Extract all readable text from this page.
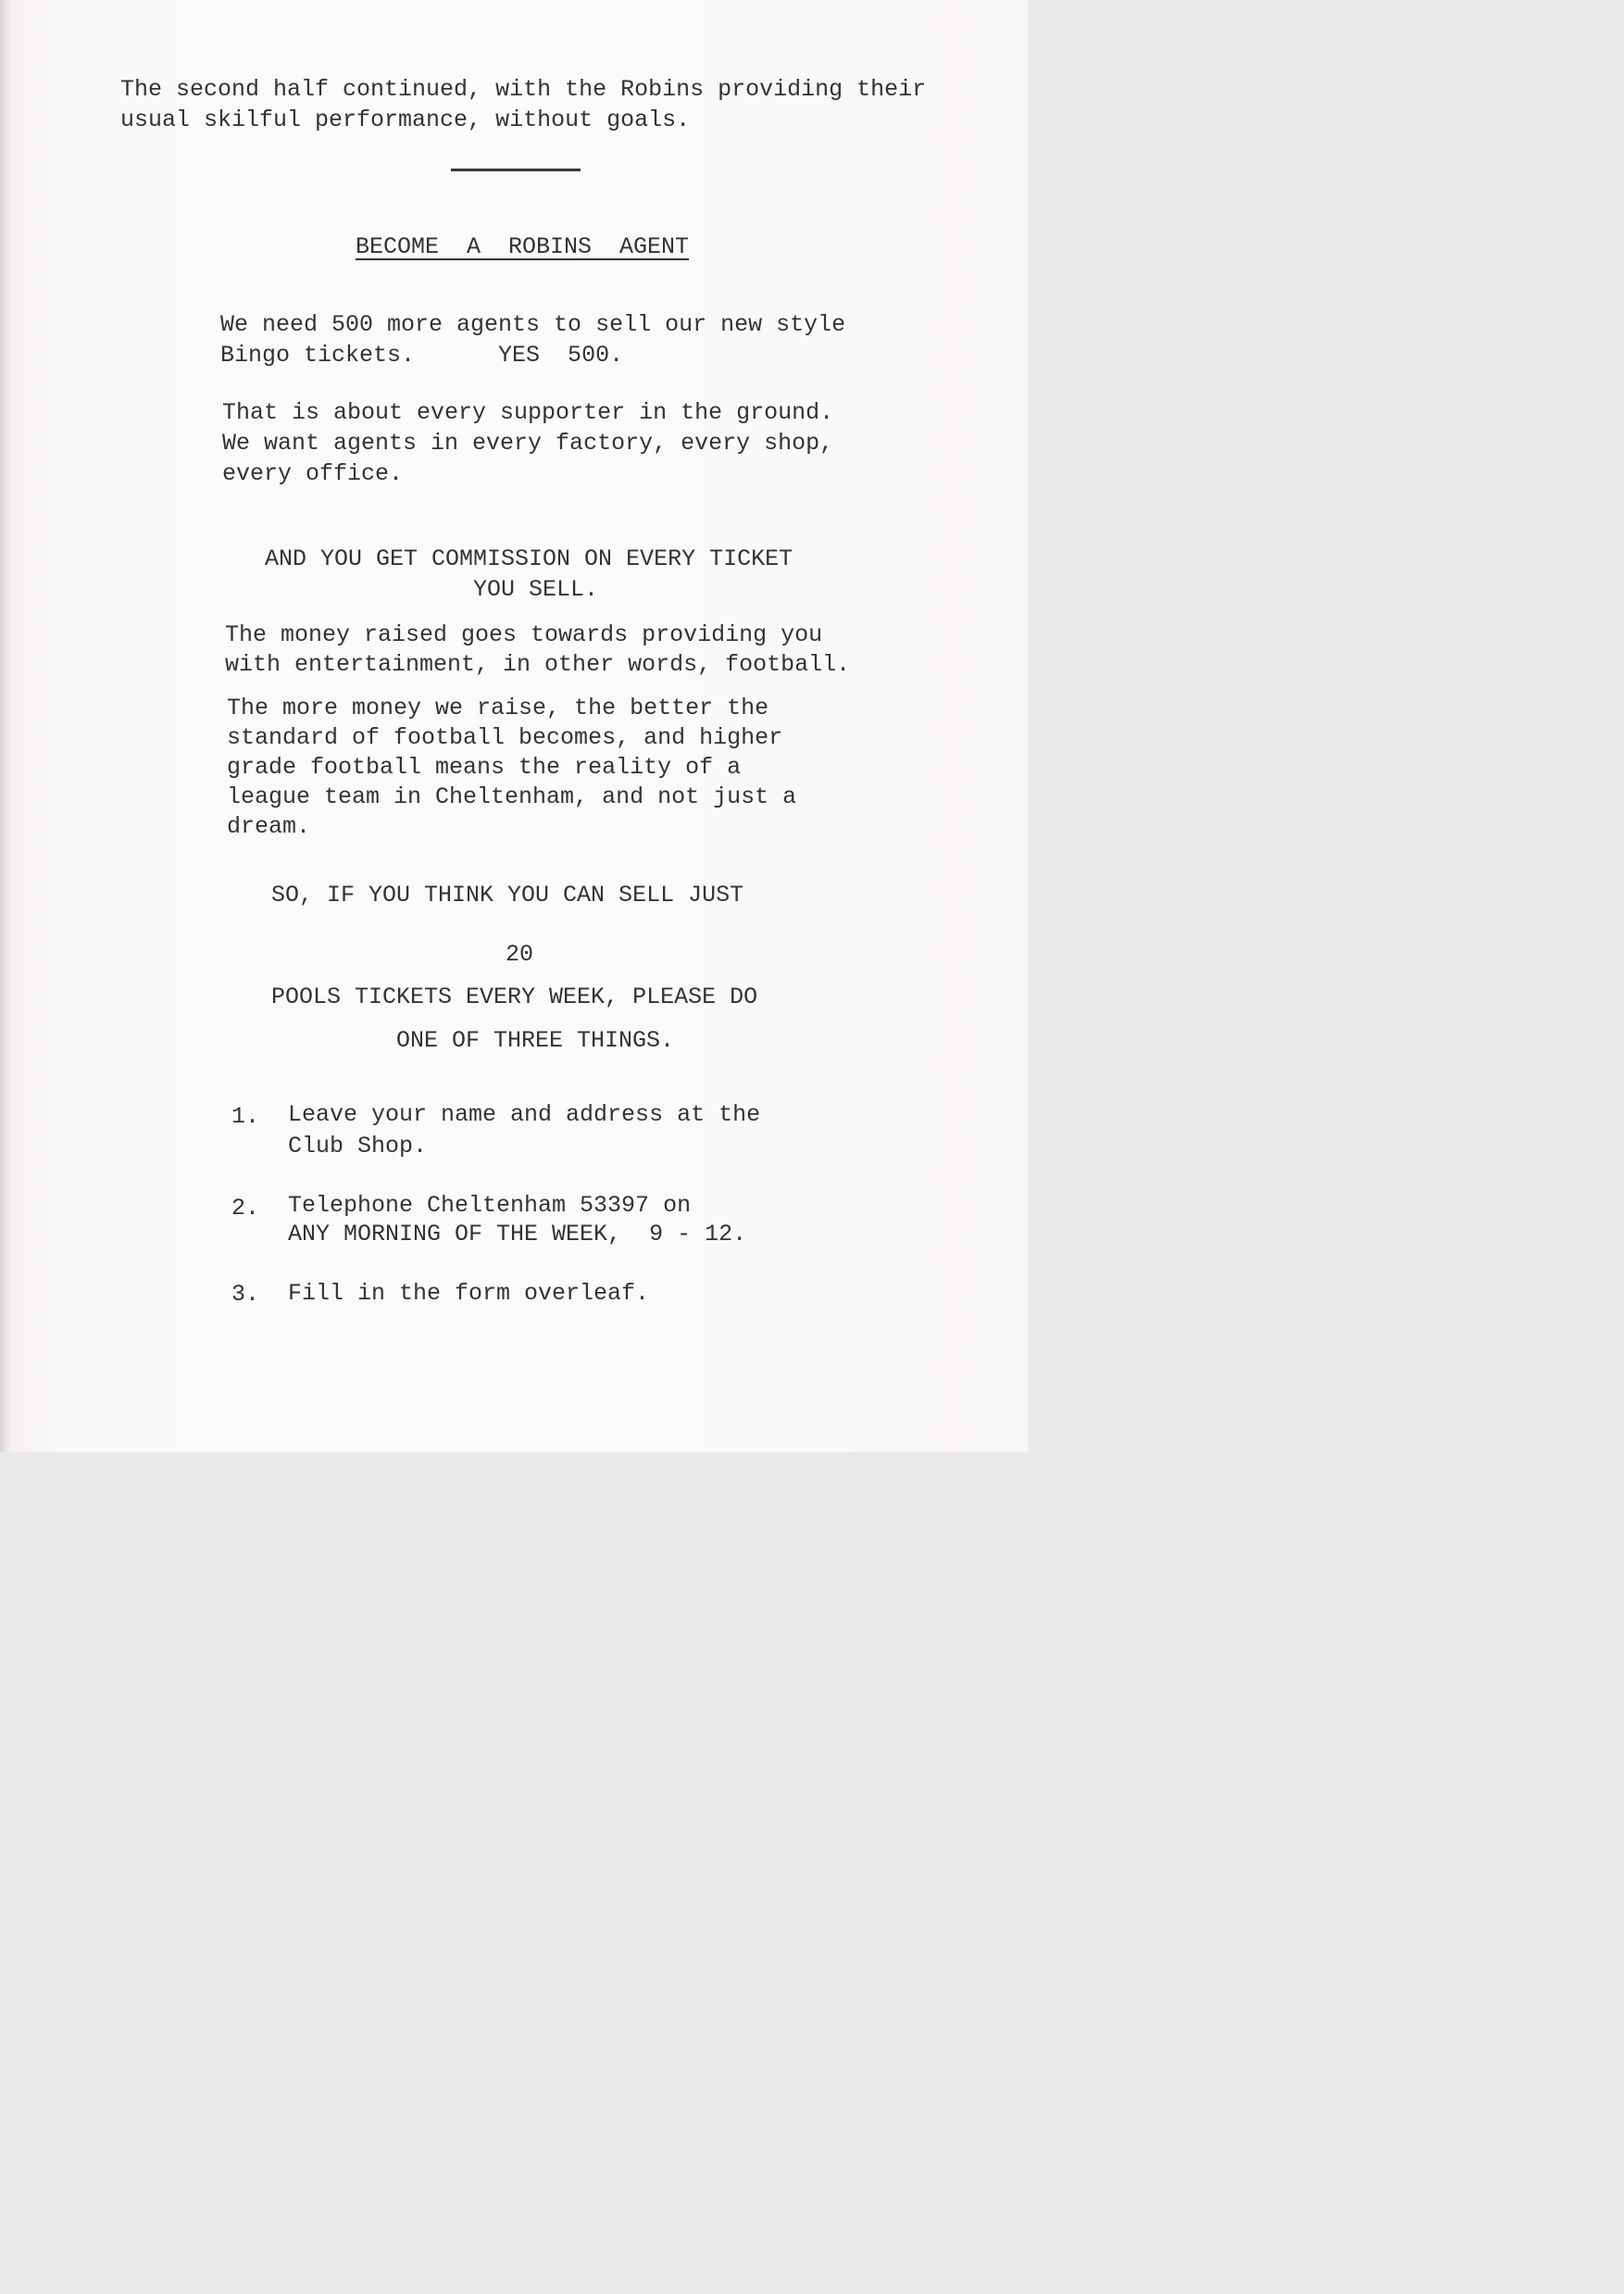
The second half continued, with the Robins providing their

usual skilful performance, without goals.

BECOME  A  ROBINS  AGENT

We need 500 more agents to sell our new style

Bingo tickets.      YES  500.

That is about every supporter in the ground.

We want agents in every factory, every shop,

every office.

AND YOU GET COMMISSION ON EVERY TICKET

YOU SELL.

The money raised goes towards providing you

with entertainment, in other words, football.

The more money we raise, the better the

standard of football becomes, and higher

grade football means the reality of a

league team in Cheltenham, and not just a

dream.

SO, IF YOU THINK YOU CAN SELL JUST

20

POOLS TICKETS EVERY WEEK, PLEASE DO

ONE OF THREE THINGS.

1. Leave your name and address at the

Club Shop.

2. Telephone Cheltenham 53397 on

ANY MORNING OF THE WEEK,  9 - 12.

3. Fill in the form overleaf.
